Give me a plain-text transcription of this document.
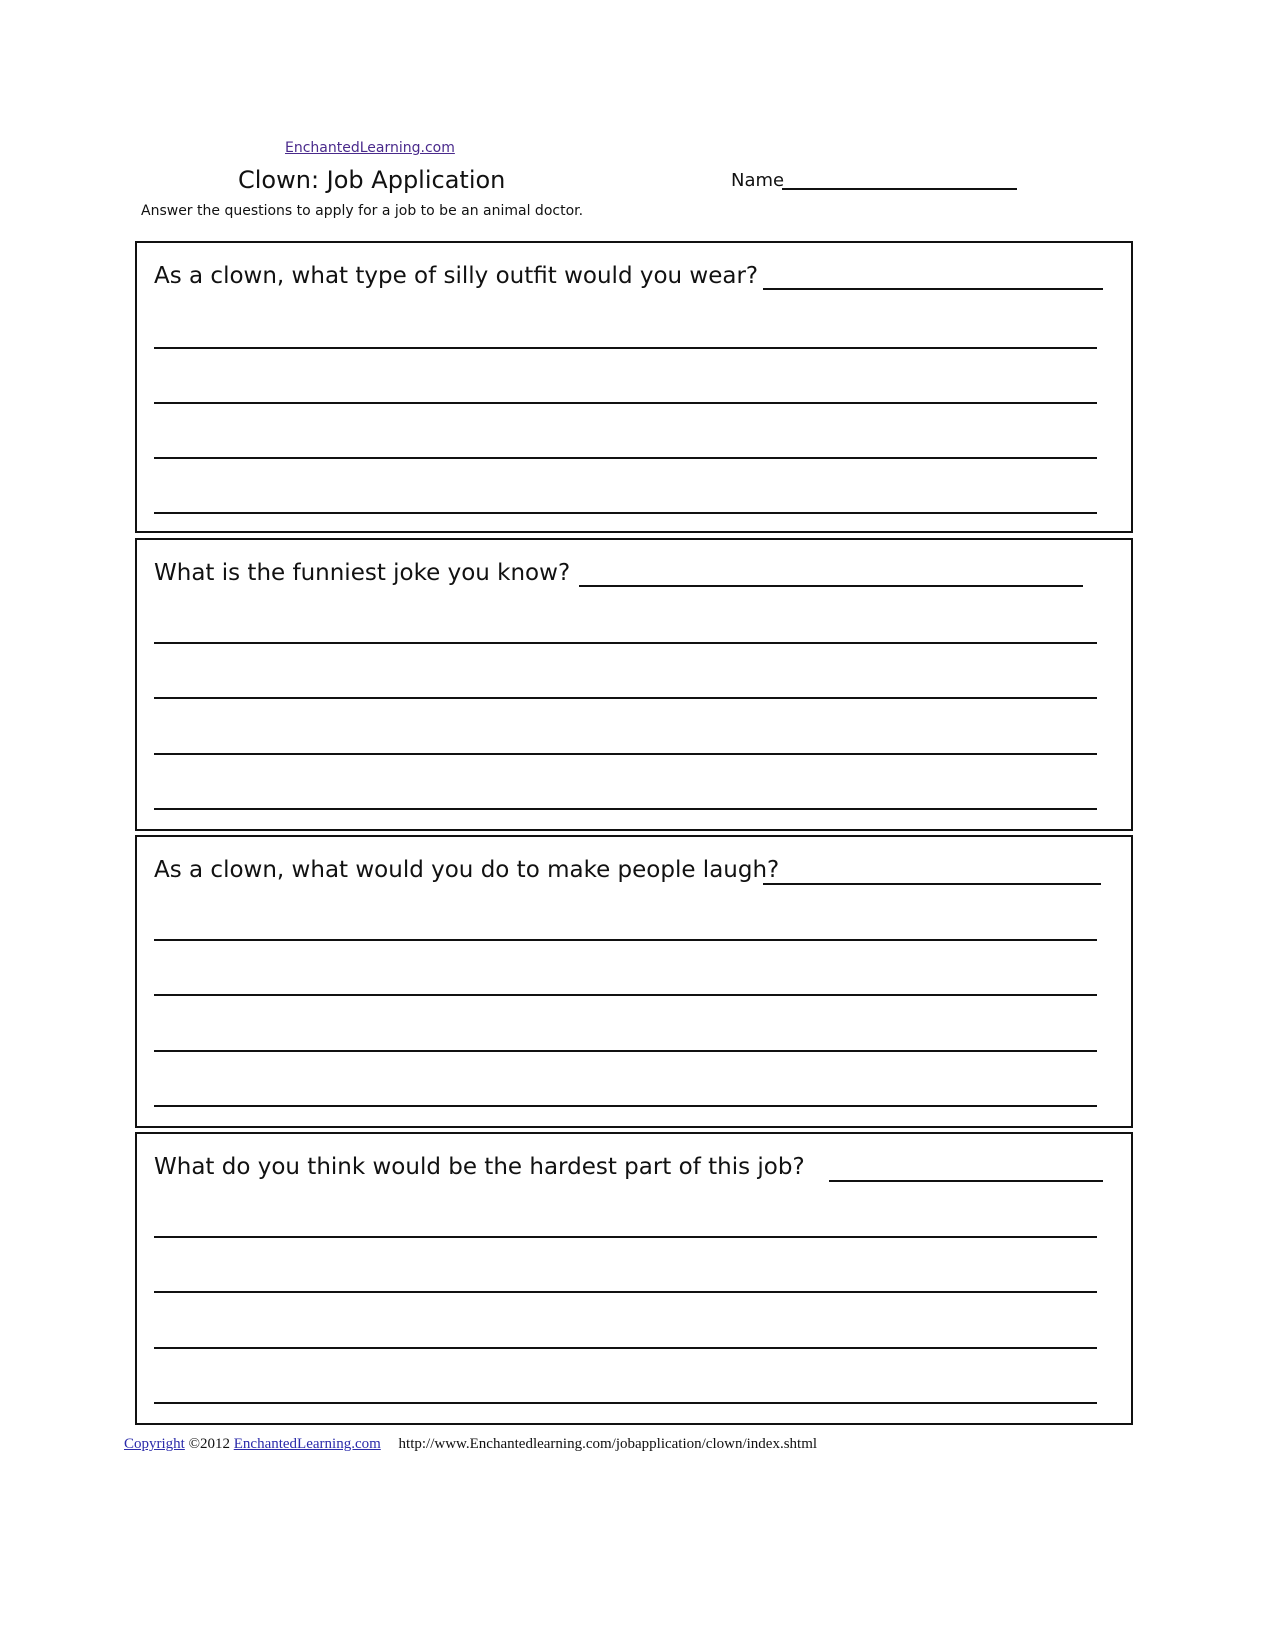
EnchantedLearning.com
Clown: Job Application
Answer the questions to apply for a job to be an animal doctor.
Name
As a clown, what type of silly outfit would you wear?
What is the funniest joke you know?
As a clown, what would you do to make people laugh?
What do you think would be the hardest part of this job?
Copyright ©2012 EnchantedLearning.com http://www.Enchantedlearning.com/jobapplication/clown/index.shtml
